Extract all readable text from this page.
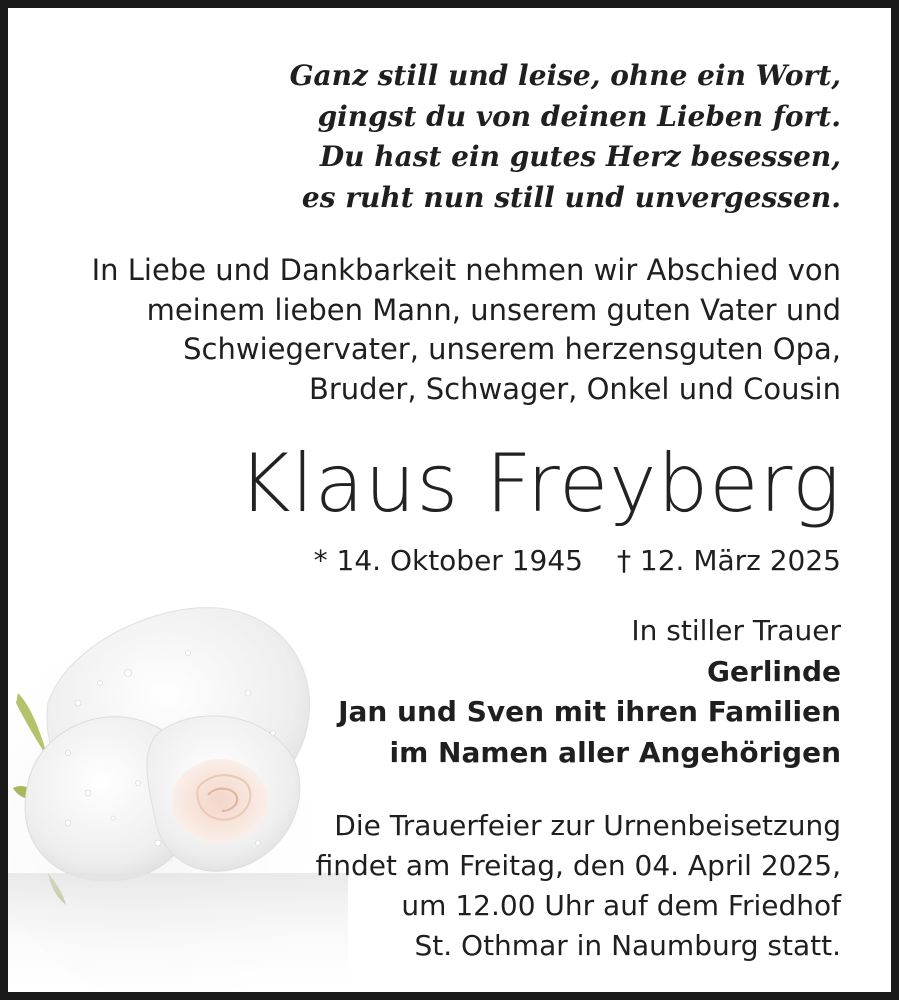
Ganz still und leise, ohne ein Wort,
gingst du von deinen Lieben fort.
Du hast ein gutes Herz besessen,
es ruht nun still und unvergessen.
In Liebe und Dankbarkeit nehmen wir Abschied von
meinem lieben Mann, unserem guten Vater und
Schwiegervater, unserem herzensguten Opa,
Bruder, Schwager, Onkel und Cousin
Klaus Freyberg
* 14. Oktober 1945 † 12. März 2025
In stiller Trauer
Gerlinde
Jan und Sven mit ihren Familien
im Namen aller Angehörigen
Die Trauerfeier zur Urnenbeisetzung
findet am Freitag, den 04. April 2025,
um 12.00 Uhr auf dem Friedhof
St. Othmar in Naumburg statt.
